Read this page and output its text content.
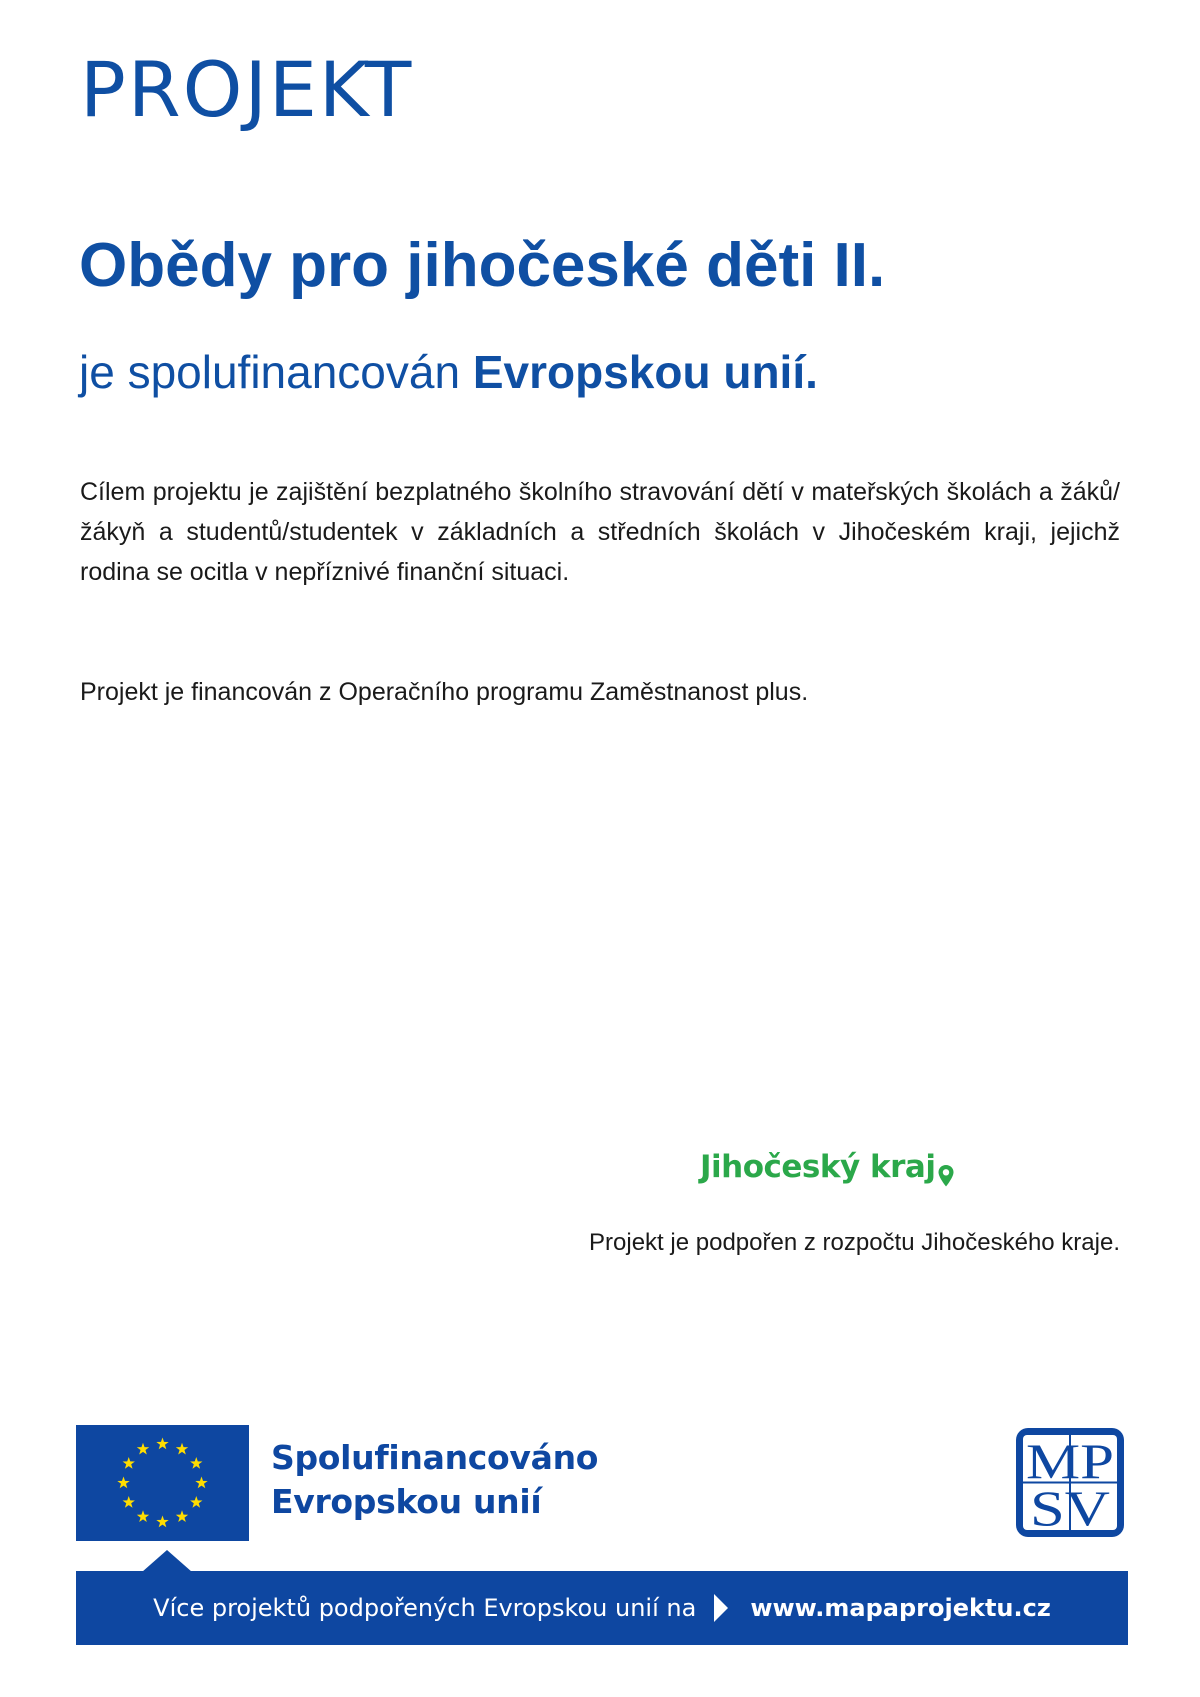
PROJEKT
Obědy pro jihočeské děti II.

je spolufinancován Evropskou unií.

Cílem projektu je zajištění bezplatného školního stravování dětí v mateřských školách a žáků/žákyň a studentů/studentek v základních a středních školách v Jihočeském kraji, jejichž rodina se ocitla v nepříznivé finanční situaci.

Projekt je financován z Operačního programu Zaměstnanost plus.

Jihočeský kraj

Projekt je podpořen z rozpočtu Jihočeského kraje.

Spolufinancováno
Evropskou unií
MP
SV
Více projektů podpořených Evropskou unií na www.mapaprojektu.cz
